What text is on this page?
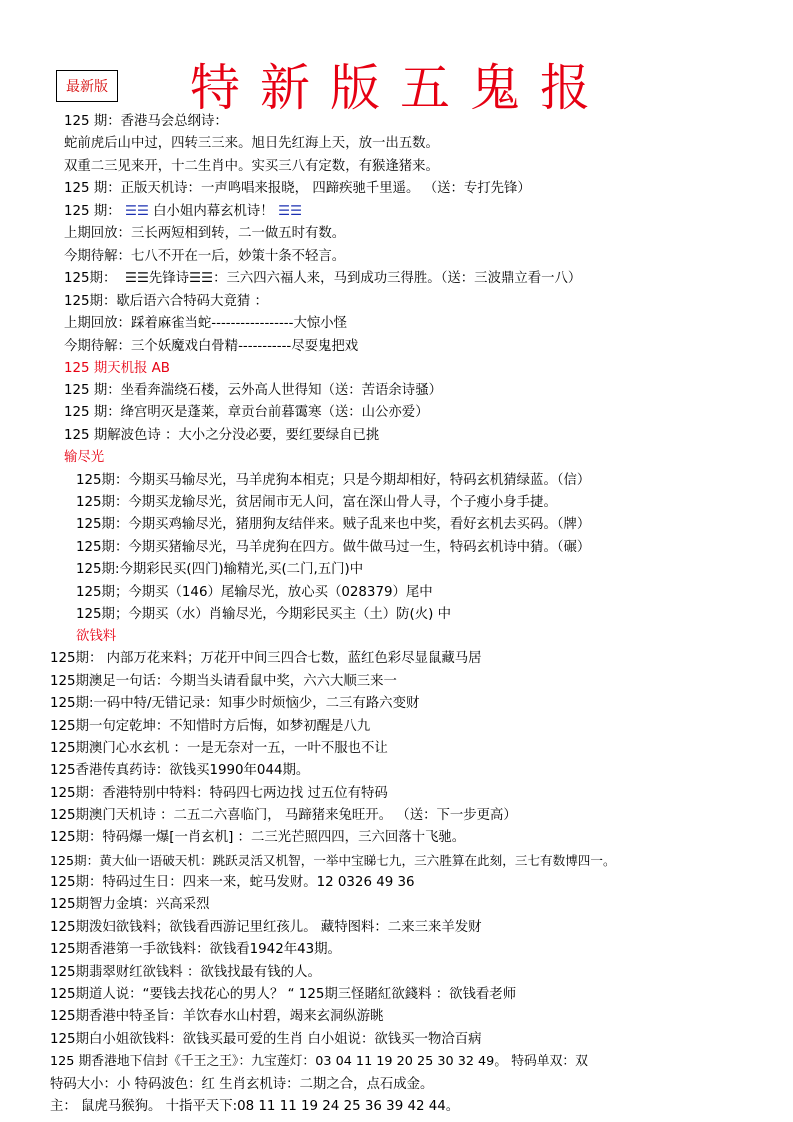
最新版 特新版五鬼报
125 期：香港马会总纲诗：
蛇前虎后山中过，四转三三来。旭日先红海上天，放一出五数。
双重二三见来开，十二生肖中。实买三八有定数，有猴逢猪来。
125 期：正版天机诗：一声鸣唱来报晓， 四蹄疾驰千里遥。 （送：专打先锋）
125 期： ☰☰ 白小姐内幕玄机诗！ ☰☰
上期回放：三长两短相到转，二一做五时有数。
今期待解：七八不开在一后，妙策十条不轻言。
125期：  ☰☰先锋诗☰☰：三六四六福人来，马到成功三得胜。（送：三波鼎立看一八）
125期：歇后语六合特码大竟猜 ：
上期回放：踩着麻雀当蛇-----------------大惊小怪
今期待解：三个妖魔戏白骨精-----------尽耍鬼把戏
125 期天机报 AB
125 期：坐看奔湍绕石楼，云外高人世得知（送：苦语余诗骚）
125 期：绛宫明灭是蓬莱，章贡台前暮霭寒（送：山公亦爱）
125 期解波色诗 ：大小之分没必要，要红要绿自已挑
输尽光
125期：今期买马输尽光，马羊虎狗本相克；只是今期却相好，特码玄机猜绿蓝。（信）
125期：今期买龙输尽光，贫居闹市无人问，富在深山骨人寻，个子瘦小身手捷。
125期：今期买鸡输尽光，猪朋狗友结伴来。贼子乱来也中奖，看好玄机去买码。（牌）
125期：今期买猪输尽光，马羊虎狗在四方。做牛做马过一生，特码玄机诗中猜。（碾）
125期:今期彩民买(四门)输精光,买(二门,五门)中
125期；今期买（146）尾输尽光，放心买（028379）尾中
125期；今期买（水）肖输尽光，今期彩民买主（土）防(火) 中
欲钱料
125期： 内部万花来料；万花开中间三四合七数，蓝红色彩尽显鼠藏马居
125期澳足一句话：今期当头请看鼠中奖，六六大顺三来一
125期:一码中特/无错记录：知事少时烦恼少，二三有路六变财
125期一句定乾坤：不知惜时方后悔，如梦初醒是八九
125期澳门心水玄机 ：一是无奈对一五，一叶不服也不让
125香港传真药诗：欲钱买1990年044期。
125期：香港特别中特料：特码四七两边找 过五位有特码
125期澳门天机诗 ：二五二六喜临门， 马蹄猪来兔旺开。 （送：下一步更高）
125期：特码爆一爆[一肖玄机] ：二三光芒照四四，三六回落十飞驰。
125期：黄大仙一语破天机：跳跃灵活又机智，一举中宝睇七九，三六胜算在此刻，三七有数博四一。
125期：特码过生日：四来一来，蛇马发财。12 0326 49 36
125期智力金填：兴高采烈
125期泼妇欲钱料；欲钱看西游记里红孩儿。 藏特图料：二来三来羊发财
125期香港第一手欲钱料：欲钱看1942年43期。
125期翡翠财红欲钱料 ：欲钱找最有钱的人。
125期道人说：“要钱去找花心的男人？ “ 125期三怪賭紅欲錢料 ：欲钱看老师
125期香港中特圣旨：羊饮春水山村碧，竭来玄洞纵游眺
125期白小姐欲钱料：欲钱买最可爱的生肖 白小姐说：欲钱买一物洽百病
125 期香港地下信封《千王之王》：九宝莲灯：03 04 11 19 20 25 30 32 49。 特码单双：双
特码大小：小 特码波色：红 生肖玄机诗：二期之合，点石成金。
主： 鼠虎马猴狗。 十指平天下:08 11 11 19 24 25 36 39 42 44。
